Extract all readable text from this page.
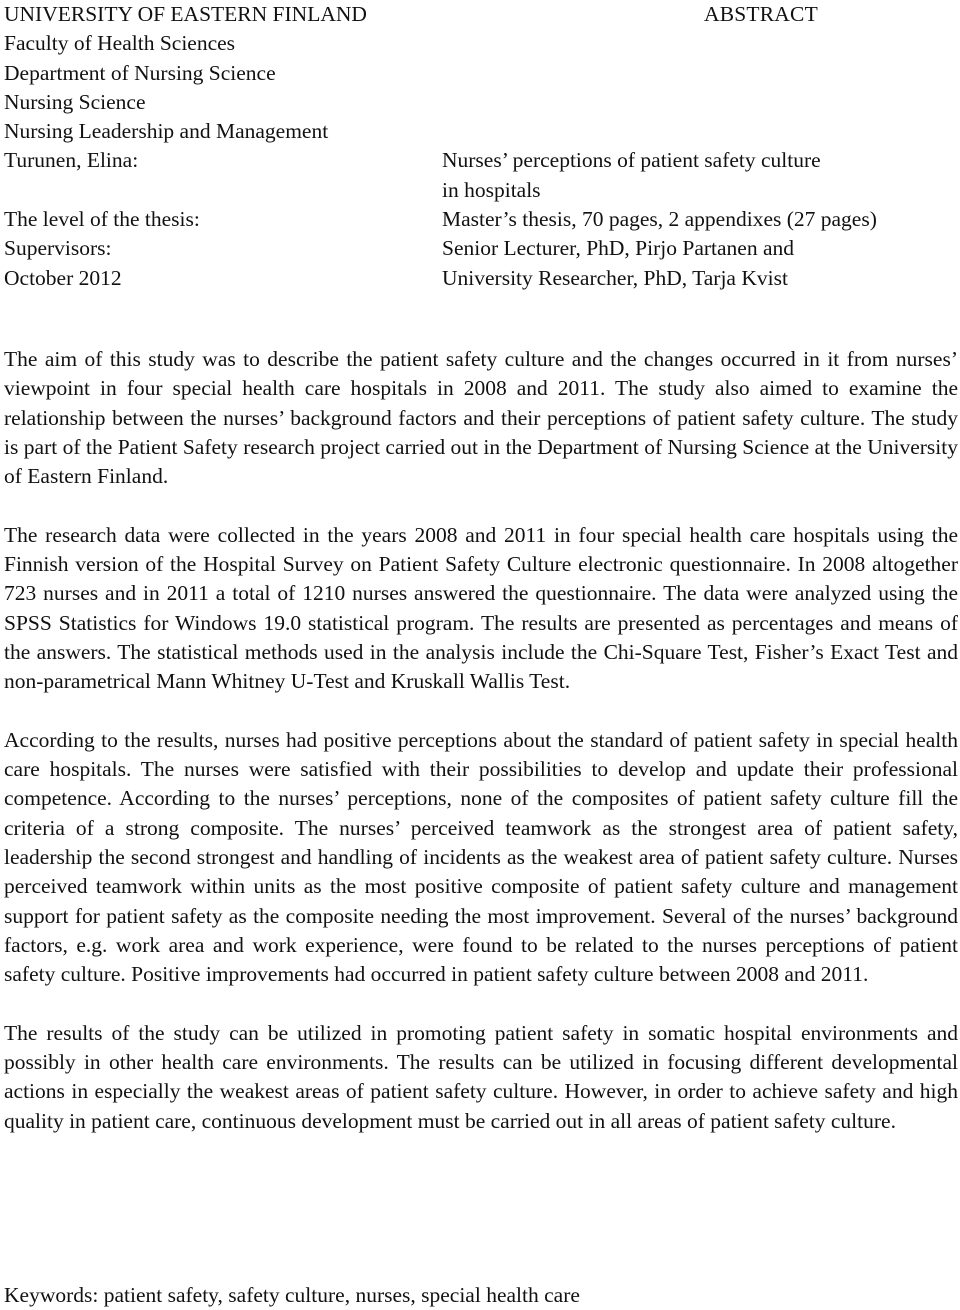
UNIVERSITY OF EASTERN FINLAND
Faculty of Health Sciences
Department of Nursing Science
Nursing Science
Nursing Leadership and Management
Turunen, Elina:
The level of the thesis:
Supervisors:
October 2012
ABSTRACT
Nurses’ perceptions of patient safety culture
in hospitals
Master’s thesis, 70 pages, 2 appendixes (27 pages)
Senior Lecturer, PhD, Pirjo Partanen and
University Researcher, PhD, Tarja Kvist

The aim of this study was to describe the patient safety culture and the changes occurred in it from nurses’ viewpoint in four special health care hospitals in 2008 and 2011. The study also aimed to examine the relationship between the nurses’ background factors and their perceptions of patient safety culture. The study is part of the Patient Safety research project carried out in the Department of Nursing Science at the University of Eastern Finland.

The research data were collected in the years 2008 and 2011 in four special health care hospitals using the Finnish version of the Hospital Survey on Patient Safety Culture electronic questionnaire. In 2008 altogether 723 nurses and in 2011 a total of 1210 nurses answered the questionnaire. The data were analyzed using the SPSS Statistics for Windows 19.0 statistical program. The results are presented as percentages and means of the answers. The statistical methods used in the analysis include the Chi-Square Test, Fisher’s Exact Test and non-parametrical Mann Whitney U-Test and Kruskall Wallis Test.

According to the results, nurses had positive perceptions about the standard of patient safety in special health care hospitals. The nurses were satisfied with their possibilities to develop and update their professional competence. According to the nurses’ perceptions, none of the composites of patient safety culture fill the criteria of a strong composite. The nurses’ perceived teamwork as the strongest area of patient safety, leadership the second strongest and handling of incidents as the weakest area of patient safety culture. Nurses perceived teamwork within units as the most positive composite of patient safety culture and management support for patient safety as the composite needing the most improvement. Several of the nurses’ background factors, e.g. work area and work experience, were found to be related to the nurses perceptions of patient safety culture. Positive improvements had occurred in patient safety culture between 2008 and 2011.

The results of the study can be utilized in promoting patient safety in somatic hospital environments and possibly in other health care environments. The results can be utilized in focusing different developmental actions in especially the weakest areas of patient safety culture. However, in order to achieve safety and high quality in patient care, continuous development must be carried out in all areas of patient safety culture.

Keywords: patient safety, safety culture, nurses, special health care
